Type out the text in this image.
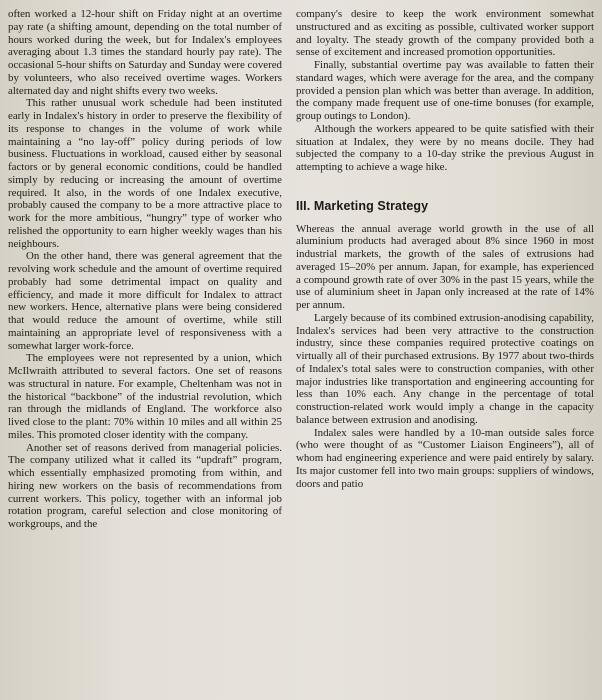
often worked a 12-hour shift on Friday night at an overtime pay rate (a shifting amount, depending on the total number of hours worked during the week, but for Indalex's employees averaging about 1.3 times the standard hourly pay rate). The occasional 5-hour shifts on Saturday and Sunday were covered by volunteers, who also received overtime wages. Workers alternated day and night shifts every two weeks.

This rather unusual work schedule had been instituted early in Indalex's history in order to preserve the flexibility of its response to changes in the volume of work while maintaining a “no lay-off” policy during periods of low business. Fluctuations in workload, caused either by seasonal factors or by general economic conditions, could be handled simply by reducing or increasing the amount of overtime required. It also, in the words of one Indalex executive, probably caused the company to be a more attractive place to work for the more ambitious, “hungry” type of worker who relished the opportunity to earn higher weekly wages than his neighbours.

On the other hand, there was general agreement that the revolving work schedule and the amount of overtime required probably had some detrimental impact on quality and efficiency, and made it more difficult for Indalex to attract new workers. Hence, alternative plans were being considered that would reduce the amount of overtime, while still maintaining an appropriate level of responsiveness with a somewhat larger work-force.

The employees were not represented by a union, which McIlwraith attributed to several factors. One set of reasons was structural in nature. For example, Cheltenham was not in the historical “backbone” of the industrial revolution, which ran through the midlands of England. The workforce also lived close to the plant: 70% within 10 miles and all within 25 miles. This promoted closer identity with the company.

Another set of reasons derived from managerial policies. The company utilized what it called its “updraft” program, which essentially emphasized promoting from within, and hiring new workers on the basis of recommendations from current workers. This policy, together with an informal job rotation program, careful selection and close monitoring of workgroups, and the

company's desire to keep the work environment somewhat unstructured and as exciting as possible, cultivated worker support and loyalty. The steady growth of the company provided both a sense of excitement and increased promotion opportunities.

Finally, substantial overtime pay was available to fatten their standard wages, which were average for the area, and the company provided a pension plan which was better than average. In addition, the company made frequent use of one-time bonuses (for example, group outings to London).

Although the workers appeared to be quite satisfied with their situation at Indalex, they were by no means docile. They had subjected the company to a 10-day strike the previous August in attempting to achieve a wage hike.

III. Marketing Strategy

Whereas the annual average world growth in the use of all aluminium products had averaged about 8% since 1960 in most industrial markets, the growth of the sales of extrusions had averaged 15–20% per annum. Japan, for example, has experienced a compound growth rate of over 30% in the past 15 years, while the use of aluminium sheet in Japan only increased at the rate of 14% per annum.

Largely because of its combined extrusion-anodising capability, Indalex's services had been very attractive to the construction industry, since these companies required protective coatings on virtually all of their purchased extrusions. By 1977 about two-thirds of Indalex's total sales were to construction companies, with other major industries like transportation and engineering accounting for less than 10% each. Any change in the percentage of total construction-related work would imply a change in the capacity balance between extrusion and anodising.

Indalex sales were handled by a 10-man outside sales force (who were thought of as “Customer Liaison Engineers”), all of whom had engineering experience and were paid entirely by salary. Its major customer fell into two main groups: suppliers of windows, doors and patio
